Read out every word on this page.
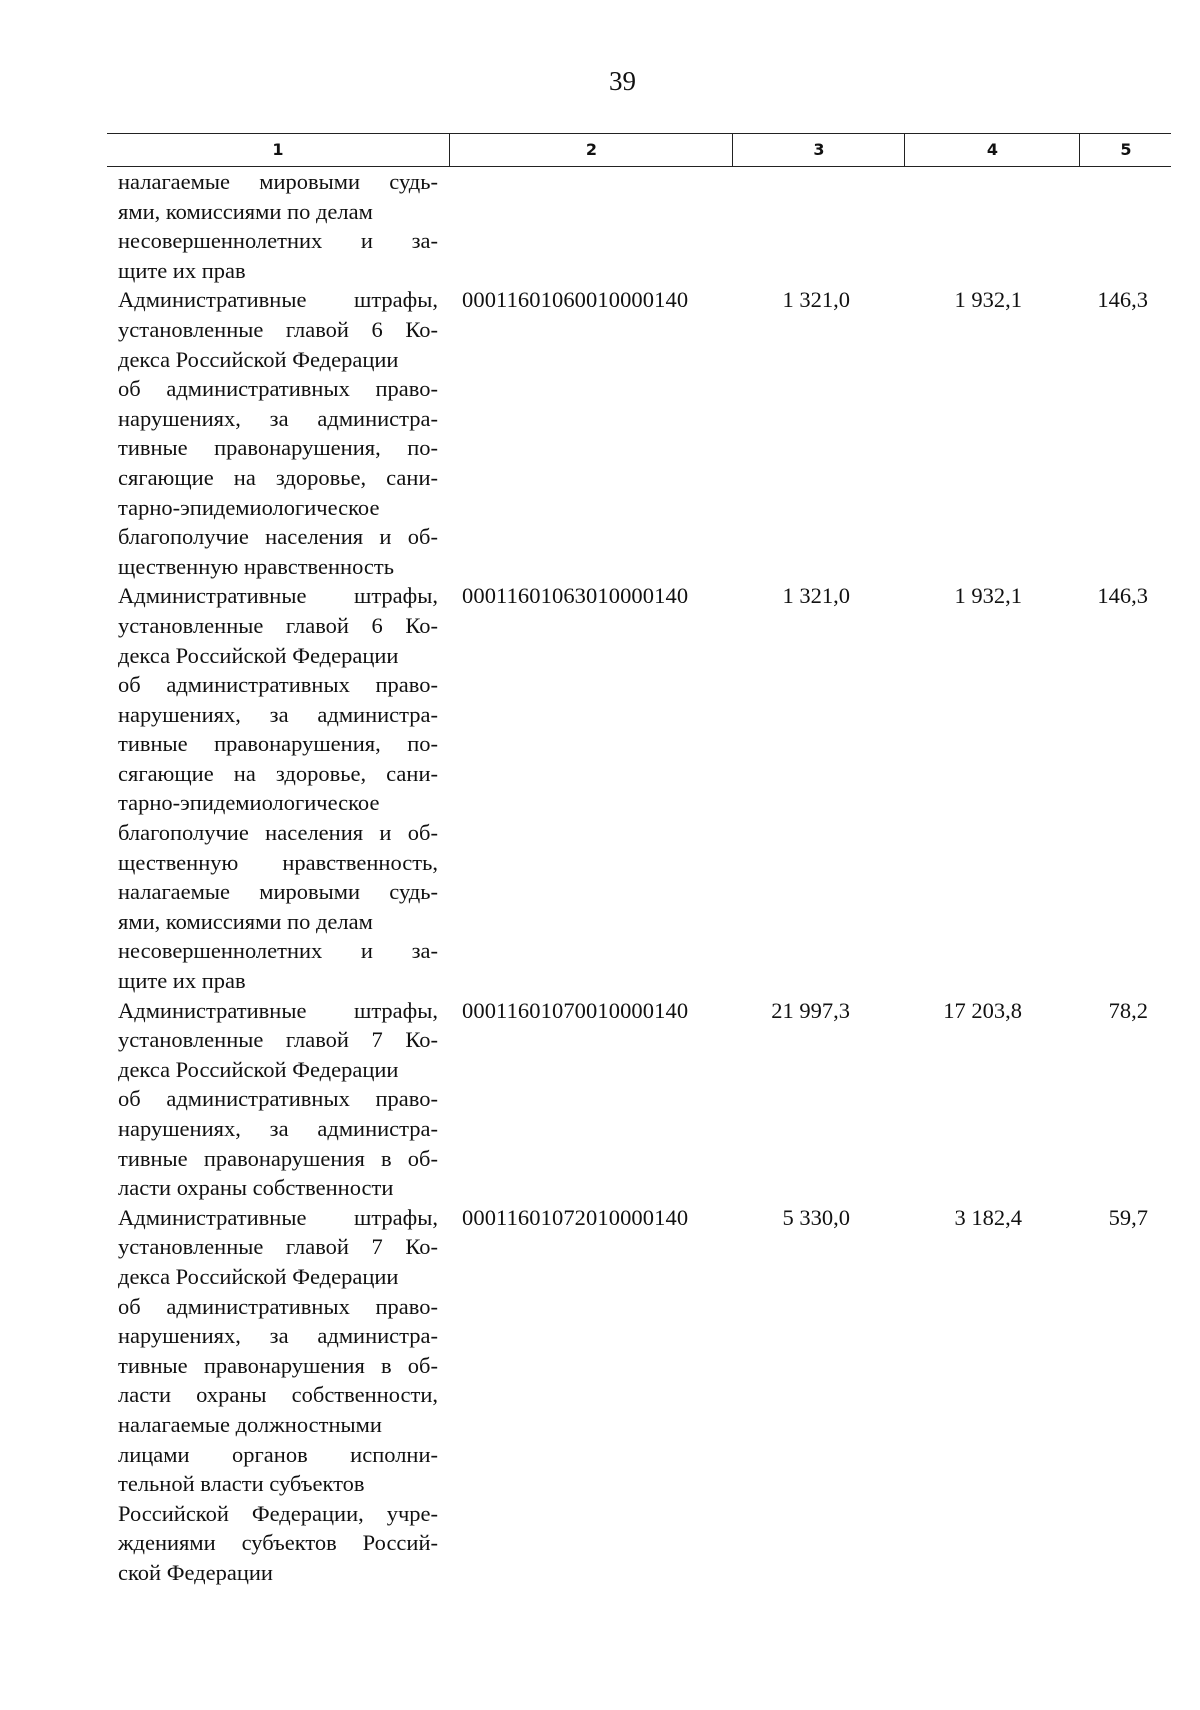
39
1	2	3	4	5
налагаемые мировыми судь-
ями, комиссиями по делам
несовершеннолетних и за-
щите их прав
Административные штрафы,
установленные главой 6 Ко-
декса Российской Федерации
об административных право-
нарушениях, за администра-
тивные правонарушения, по-
сягающие на здоровье, сани-
тарно-эпидемиологическое
благополучие населения и об-
щественную нравственность
00011601060010000140	1 321,0	1 932,1	146,3
Административные штрафы,
установленные главой 6 Ко-
декса Российской Федерации
об административных право-
нарушениях, за администра-
тивные правонарушения, по-
сягающие на здоровье, сани-
тарно-эпидемиологическое
благополучие населения и об-
щественную нравственность,
налагаемые мировыми судь-
ями, комиссиями по делам
несовершеннолетних и за-
щите их прав
00011601063010000140	1 321,0	1 932,1	146,3
Административные штрафы,
установленные главой 7 Ко-
декса Российской Федерации
об административных право-
нарушениях, за администра-
тивные правонарушения в об-
ласти охраны собственности
00011601070010000140	21 997,3	17 203,8	78,2
Административные штрафы,
установленные главой 7 Ко-
декса Российской Федерации
об административных право-
нарушениях, за администра-
тивные правонарушения в об-
ласти охраны собственности,
налагаемые должностными
лицами органов исполни-
тельной власти субъектов
Российской Федерации, учре-
ждениями субъектов Россий-
ской Федерации
00011601072010000140	5 330,0	3 182,4	59,7
